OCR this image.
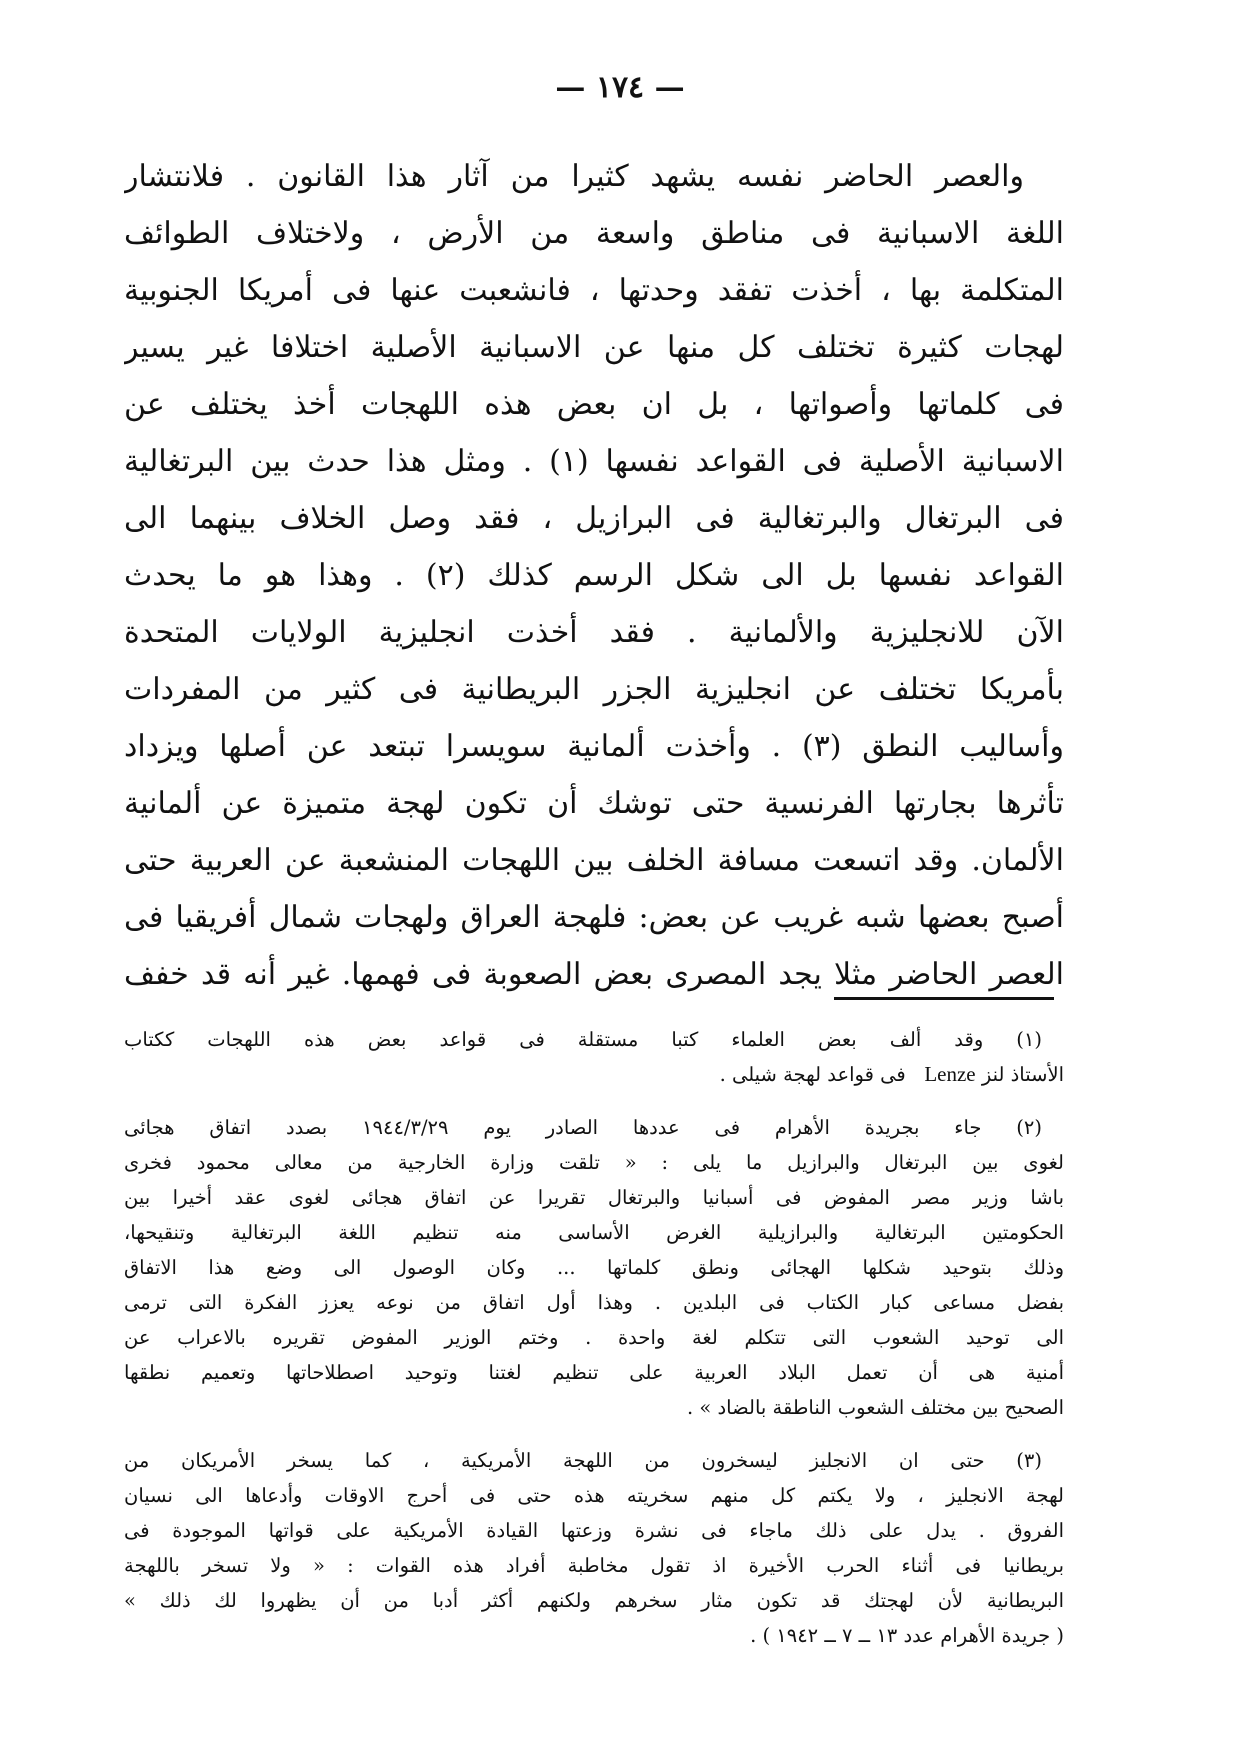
— ١٧٤ —
والعصر الحاضر نفسه يشهد كثيرا من آثار هذا القانون . فلانتشار
اللغة الاسبانية فى مناطق واسعة من الأرض ، ولاختلاف الطوائف
المتكلمة بها ، أخذت تفقد وحدتها ، فانشعبت عنها فى أمريكا الجنوبية
لهجات كثيرة تختلف كل منها عن الاسبانية الأصلية اختلافا غير يسير
فى كلماتها وأصواتها ، بل ان بعض هذه اللهجات أخذ يختلف عن
الاسبانية الأصلية فى القواعد نفسها (١) . ومثل هذا حدث بين البرتغالية
فى البرتغال والبرتغالية فى البرازيل ، فقد وصل الخلاف بينهما الى
القواعد نفسها بل الى شكل الرسم كذلك (٢) . وهذا هو ما يحدث
الآن للانجليزية والألمانية . فقد أخذت انجليزية الولايات المتحدة
بأمريكا تختلف عن انجليزية الجزر البريطانية فى كثير من المفردات
وأساليب النطق (٣) . وأخذت ألمانية سويسرا تبتعد عن أصلها ويزداد
تأثرها بجارتها الفرنسية حتى توشك أن تكون لهجة متميزة عن ألمانية
الألمان. وقد اتسعت مسافة الخلف بين اللهجات المنشعبة عن العربية حتى
أصبح بعضها شبه غريب عن بعض: فلهجة العراق ولهجات شمال أفريقيا فى
العصر الحاضر مثلا يجد المصرى بعض الصعوبة فى فهمها. غير أنه قد خفف
(١) وقد ألف بعض العلماء كتبا مستقلة فى قواعد بعض هذه اللهجات ككتاب
الأستاذ لنز Lenze   فى قواعد لهجة شيلى .
(٢) جاء بجريدة الأهرام فى عددها الصادر يوم ١٩٤٤/٣/٢٩ بصدد اتفاق هجائى
لغوى بين البرتغال والبرازيل ما يلى : « تلقت وزارة الخارجية من معالى محمود فخرى
باشا وزير مصر المفوض فى أسبانيا والبرتغال تقريرا عن اتفاق هجائى لغوى عقد أخيرا بين
الحكومتين البرتغالية والبرازيلية الغرض الأساسى منه تنظيم اللغة البرتغالية وتنقيحها،
وذلك بتوحيد شكلها الهجائى ونطق كلماتها ... وكان الوصول الى وضع هذا الاتفاق
بفضل مساعى كبار الكتاب فى البلدين . وهذا أول اتفاق من نوعه يعزز الفكرة التى ترمى
الى توحيد الشعوب التى تتكلم لغة واحدة . وختم الوزير المفوض تقريره بالاعراب عن
أمنية هى أن تعمل البلاد العربية على تنظيم لغتنا وتوحيد اصطلاحاتها وتعميم نطقها
الصحيح بين مختلف الشعوب الناطقة بالضاد » .
(٣) حتى ان الانجليز ليسخرون من اللهجة الأمريكية ، كما يسخر الأمريكان من
لهجة الانجليز ، ولا يكتم كل منهم سخريته هذه حتى فى أحرج الاوقات وأدعاها الى نسيان
الفروق . يدل على ذلك ماجاء فى نشرة وزعتها القيادة الأمريكية على قواتها الموجودة فى
بريطانيا فى أثناء الحرب الأخيرة اذ تقول مخاطبة أفراد هذه القوات : « ولا تسخر باللهجة
البريطانية لأن لهجتك قد تكون مثار سخرهم ولكنهم أكثر أدبا من أن يظهروا لك ذلك »
( جريدة الأهرام عدد ١٣ ــ ٧ ــ ١٩٤٢ ) .
